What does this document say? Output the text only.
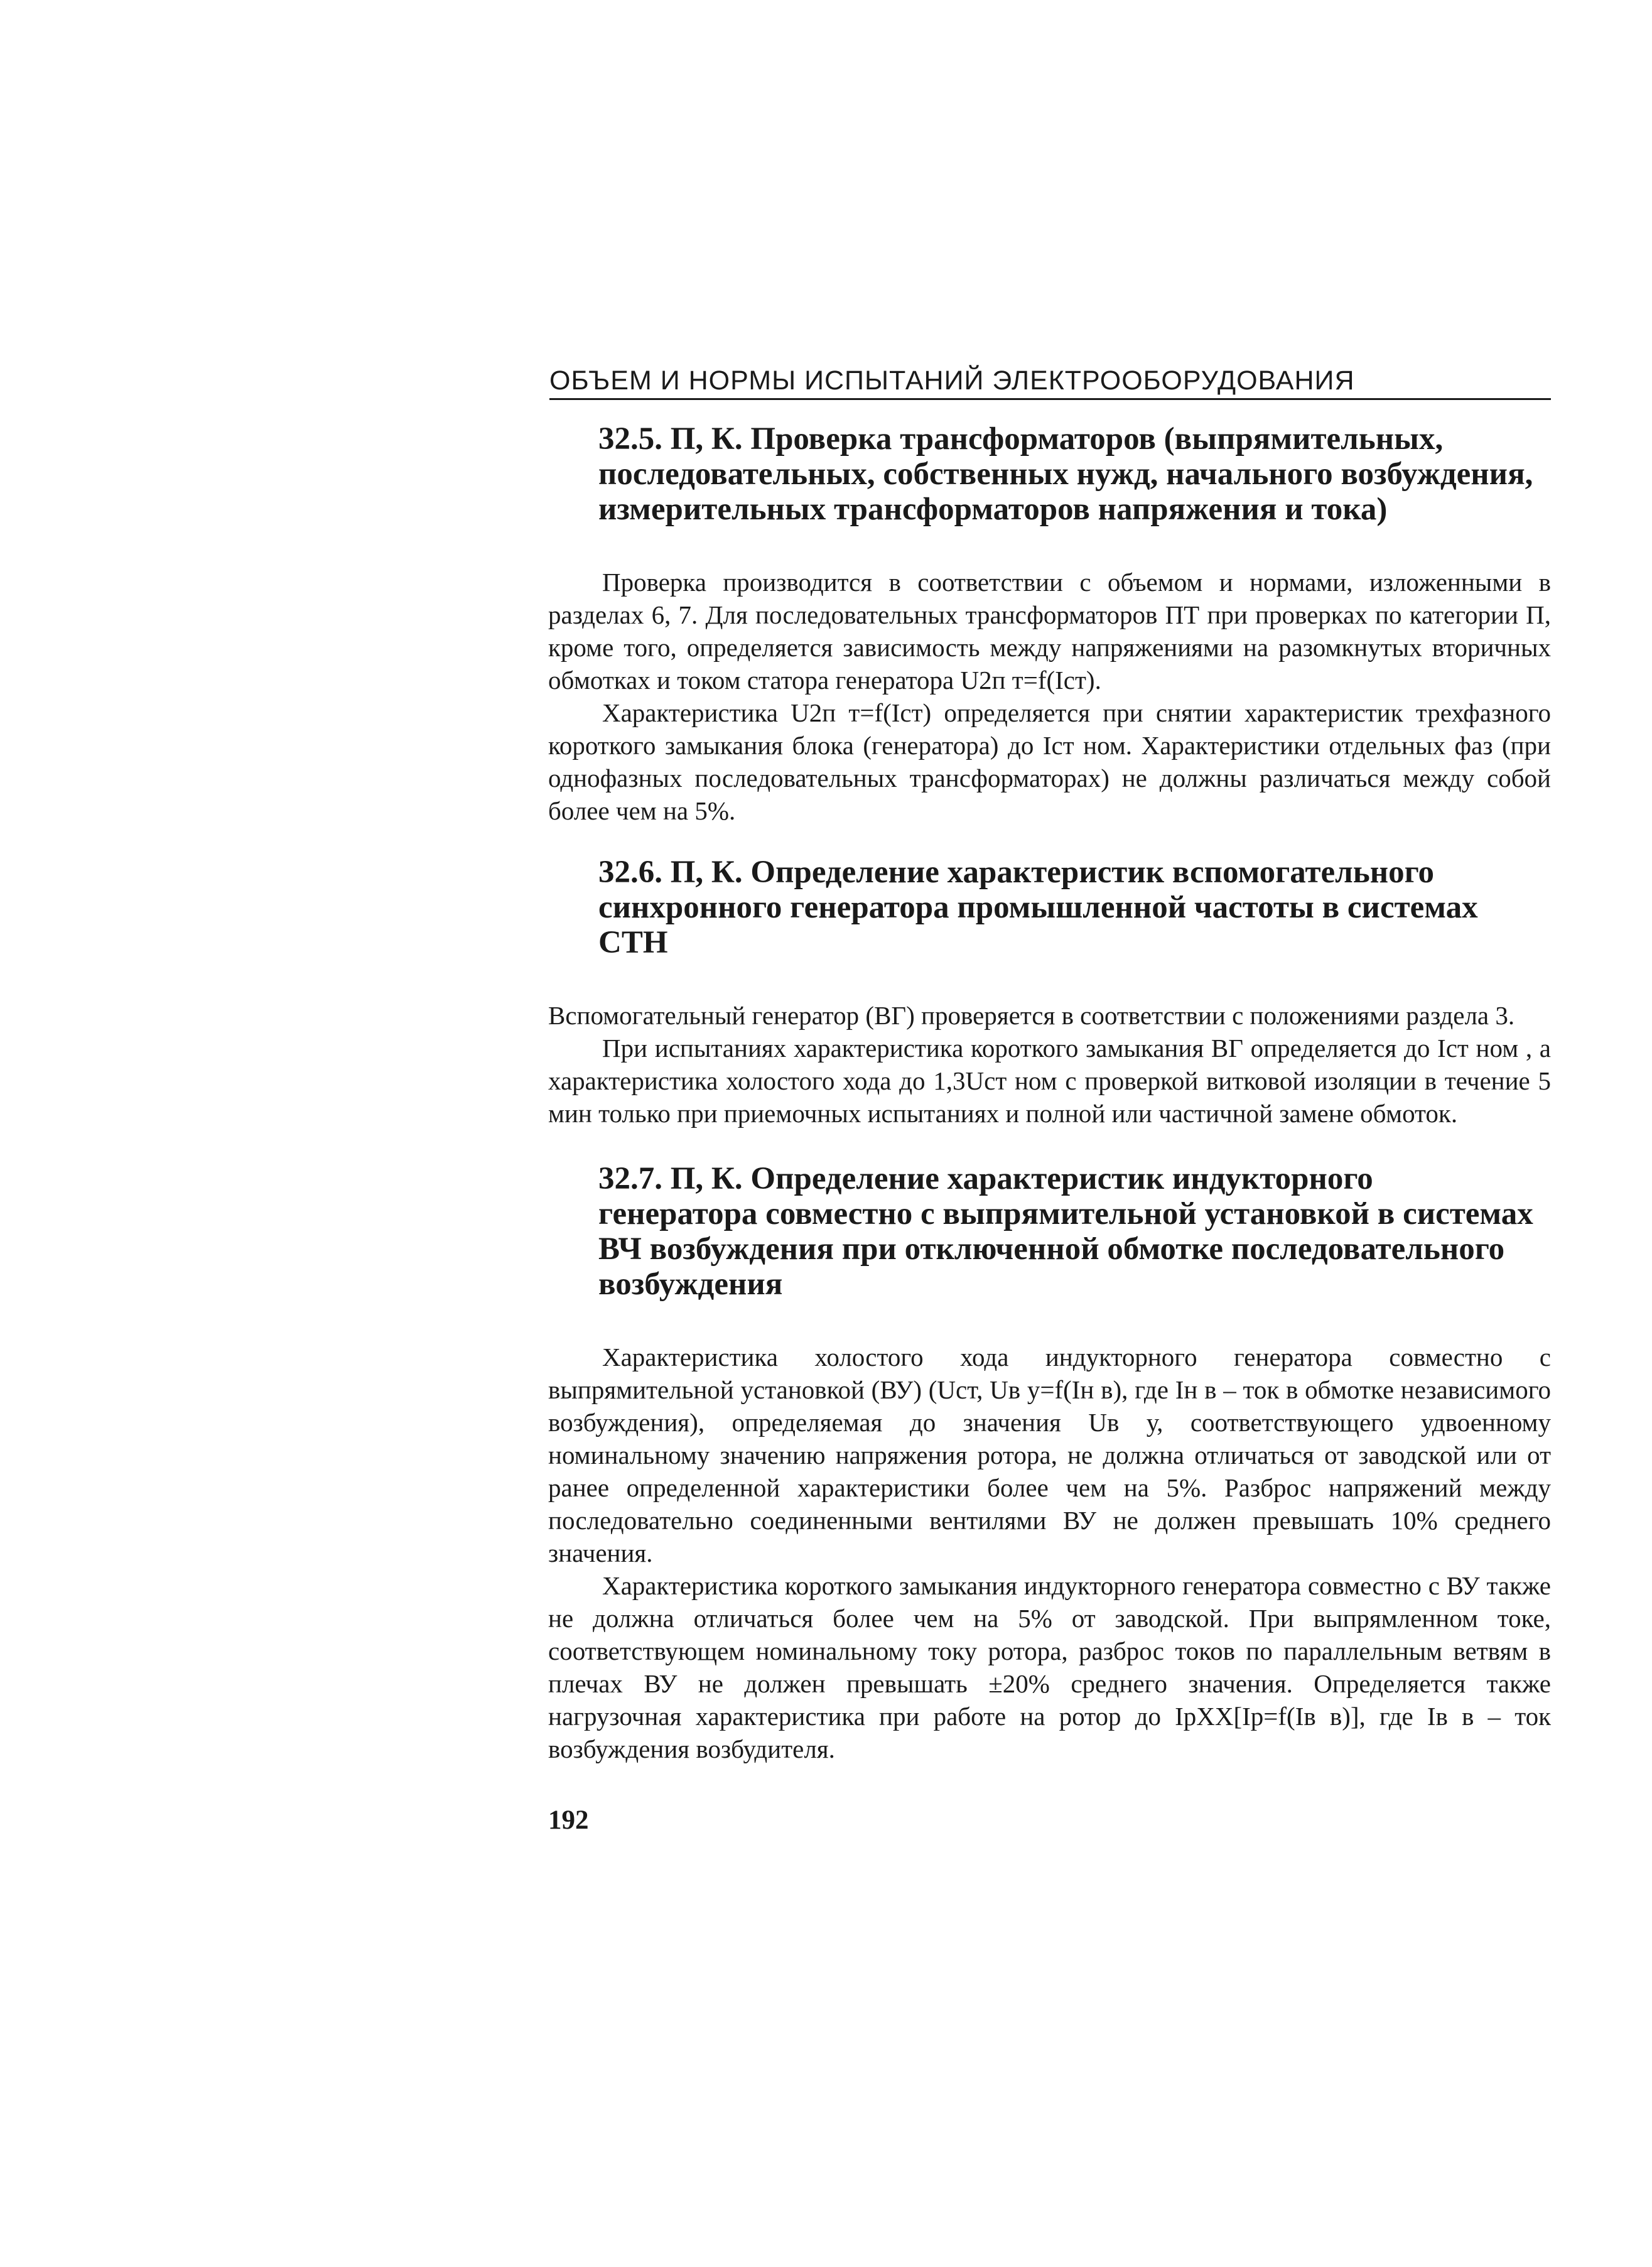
ОБЪЕМ И НОРМЫ ИСПЫТАНИЙ ЭЛЕКТРООБОРУДОВАНИЯ
32.5. П, К. Проверка трансформаторов (выпрямительных, последовательных, собственных нужд, начального возбуждения, измерительных трансформаторов напряжения и тока)

Проверка производится в соответствии с объемом и нормами, изложенными в разделах 6, 7. Для последовательных трансформаторов ПТ при проверках по категории П, кроме того, определяется зависимость между напряжениями на разомкнутых вторичных обмотках и током статора генератора U2п т=f(Iст).

Характеристика U2п т=f(Iст) определяется при снятии характеристик трехфазного короткого замыкания блока (генератора) до Iст ном. Характеристики отдельных фаз (при однофазных последовательных трансформаторах) не должны различаться между собой более чем на 5%.

32.6. П, К. Определение характеристик вспомогательного синхронного генератора промышленной частоты в системах СТН

Вспомогательный генератор (ВГ) проверяется в соответствии с положениями раздела 3.

При испытаниях характеристика короткого замыкания ВГ определяется до Iст ном , а характеристика холостого хода до 1,3Uст ном с проверкой витковой изоляции в течение 5 мин только при приемочных испытаниях и полной или частичной замене обмоток.

32.7. П, К. Определение характеристик индукторного генератора совместно с выпрямительной установкой в системах ВЧ возбуждения при отключенной обмотке последовательного возбуждения

Характеристика холостого хода индукторного генератора совместно с выпрямительной установкой (ВУ) (Uст, Uв у=f(Iн в), где Iн в – ток в обмотке независимого возбуждения), определяемая до значения Uв у, соответствующего удвоенному номинальному значению напряжения ротора, не должна отличаться от заводской или от ранее определенной характеристики более чем на 5%. Разброс напряжений между последовательно соединенными вентилями ВУ не должен превышать 10% среднего значения.

Характеристика короткого замыкания индукторного генератора совместно с ВУ также не должна отличаться более чем на 5% от заводской. При выпрямленном токе, соответствующем номинальному току ротора, разброс токов по параллельным ветвям в плечах ВУ не должен превышать ±20% среднего значения. Определяется также нагрузочная характеристика при работе на ротор до IрXX[Iр=f(Iв в)], где Iв в – ток возбуждения возбудителя.

192
